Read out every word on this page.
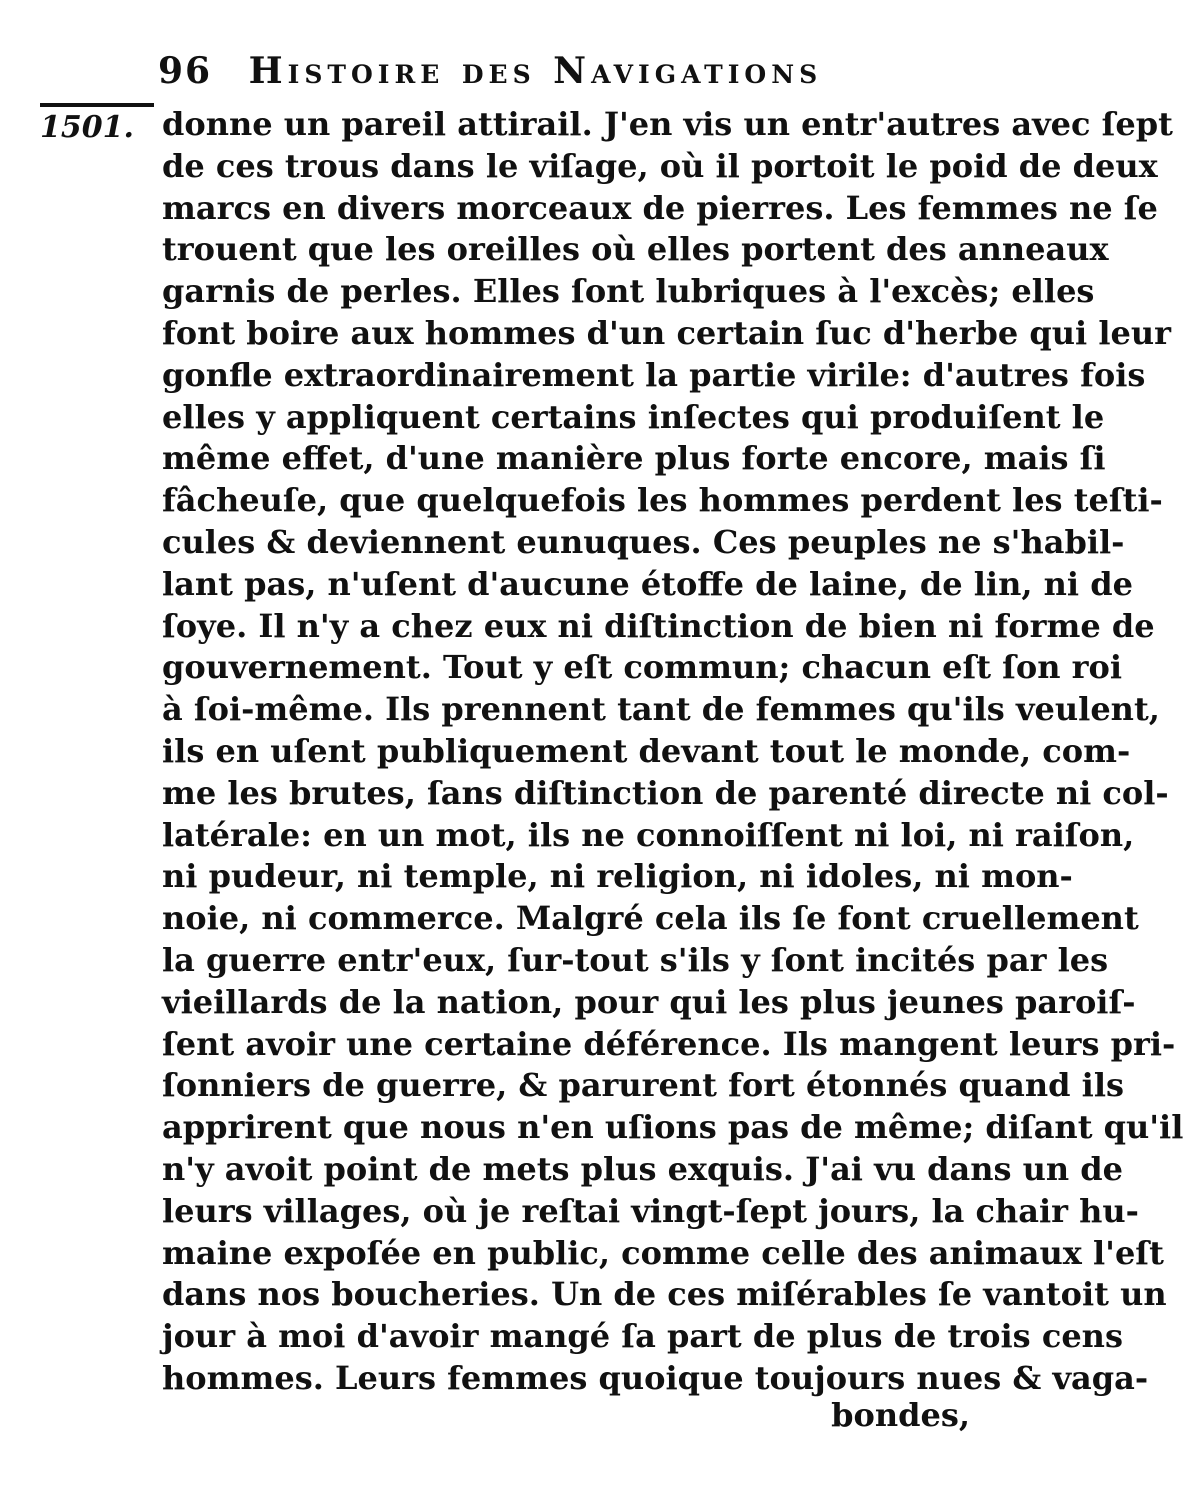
96 Histoire des Navigations
1501. donne un pareil attirail. J'en vis un entr'autres avec ſept
de ces trous dans le viſage, où il portoit le poid de deux
marcs en divers morceaux de pierres. Les femmes ne ſe
trouent que les oreilles où elles portent des anneaux
garnis de perles. Elles ſont lubriques à l'excès; elles
font boire aux hommes d'un certain ſuc d'herbe qui leur
gonfle extraordinairement la partie virile: d'autres fois
elles y appliquent certains inſectes qui produiſent le
même effet, d'une manière plus forte encore, mais ſi
fâcheuſe, que quelquefois les hommes perdent les teſti-
cules & deviennent eunuques. Ces peuples ne s'habil-
lant pas, n'uſent d'aucune étoffe de laine, de lin, ni de
ſoye. Il n'y a chez eux ni diſtinction de bien ni forme de
gouvernement. Tout y eſt commun; chacun eſt ſon roi
à ſoi-même. Ils prennent tant de femmes qu'ils veulent,
ils en uſent publiquement devant tout le monde, com-
me les brutes, ſans diſtinction de parenté directe ni col-
latérale: en un mot, ils ne connoiſſent ni loi, ni raiſon,
ni pudeur, ni temple, ni religion, ni idoles, ni mon-
noie, ni commerce. Malgré cela ils ſe font cruellement
la guerre entr'eux, ſur-tout s'ils y ſont incités par les
vieillards de la nation, pour qui les plus jeunes paroiſ-
ſent avoir une certaine déférence. Ils mangent leurs pri-
ſonniers de guerre, & parurent fort étonnés quand ils
apprirent que nous n'en uſions pas de même; diſant qu'il
n'y avoit point de mets plus exquis. J'ai vu dans un de
leurs villages, où je reſtai vingt-ſept jours, la chair hu-
maine expoſée en public, comme celle des animaux l'eſt
dans nos boucheries. Un de ces miſérables ſe vantoit un
jour à moi d'avoir mangé ſa part de plus de trois cens
hommes. Leurs femmes quoique toujours nues & vaga-
bondes,
